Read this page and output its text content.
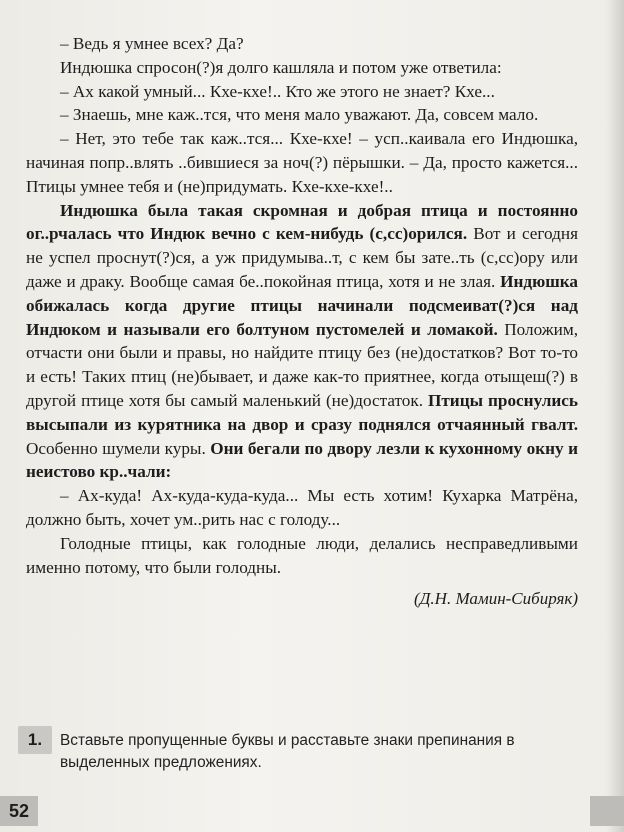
– Ведь я умнее всех? Да?

Индюшка спросон(?)я долго кашляла и потом уже ответила:

– Ах какой умный... Кхе-кхе!.. Кто же этого не знает? Кхе...

– Знаешь, мне каж..тся, что меня мало уважают. Да, совсем мало.

– Нет, это тебе так каж..тся... Кхе-кхе! – усп..каивала его Индюшка, начиная попр..влять ..бившиеся за ноч(?) пёрышки. – Да, просто кажется... Птицы умнее тебя и (не)придумать. Кхе-кхе-кхе!..

Индюшка была такая скромная и добрая птица и постоянно ог..рчалась что Индюк вечно с кем-нибудь (с,сс)орился. Вот и сегодня не успел проснут(?)ся, а уж придумыва..т, с кем бы зате..ть (с,сс)ору или даже и драку. Вообще самая бе..покойная птица, хотя и не злая. Индюшка обижалась когда другие птицы начинали подсмеиват(?)ся над Индюком и называли его болтуном пустомелей и ломакой. Положим, отчасти они были и правы, но найдите птицу без (не)достатков? Вот то-то и есть! Таких птиц (не)бывает, и даже как-то приятнее, когда отыщеш(?) в другой птице хотя бы самый маленький (не)достаток. Птицы проснулись высыпали из курятника на двор и сразу поднялся отчаянный гвалт. Особенно шумели куры. Они бегали по двору лезли к кухонному окну и неистово кр..чали:

– Ах-куда! Ах-куда-куда-куда... Мы есть хотим! Кухарка Матрёна, должно быть, хочет ум..рить нас с голоду...

Голодные птицы, как голодные люди, делались несправедливыми именно потому, что были голодны.

(Д.Н. Мамин-Сибиряк)

1.	Вставьте пропущенные буквы и расставьте знаки препинания в выделенных предложениях.
52
